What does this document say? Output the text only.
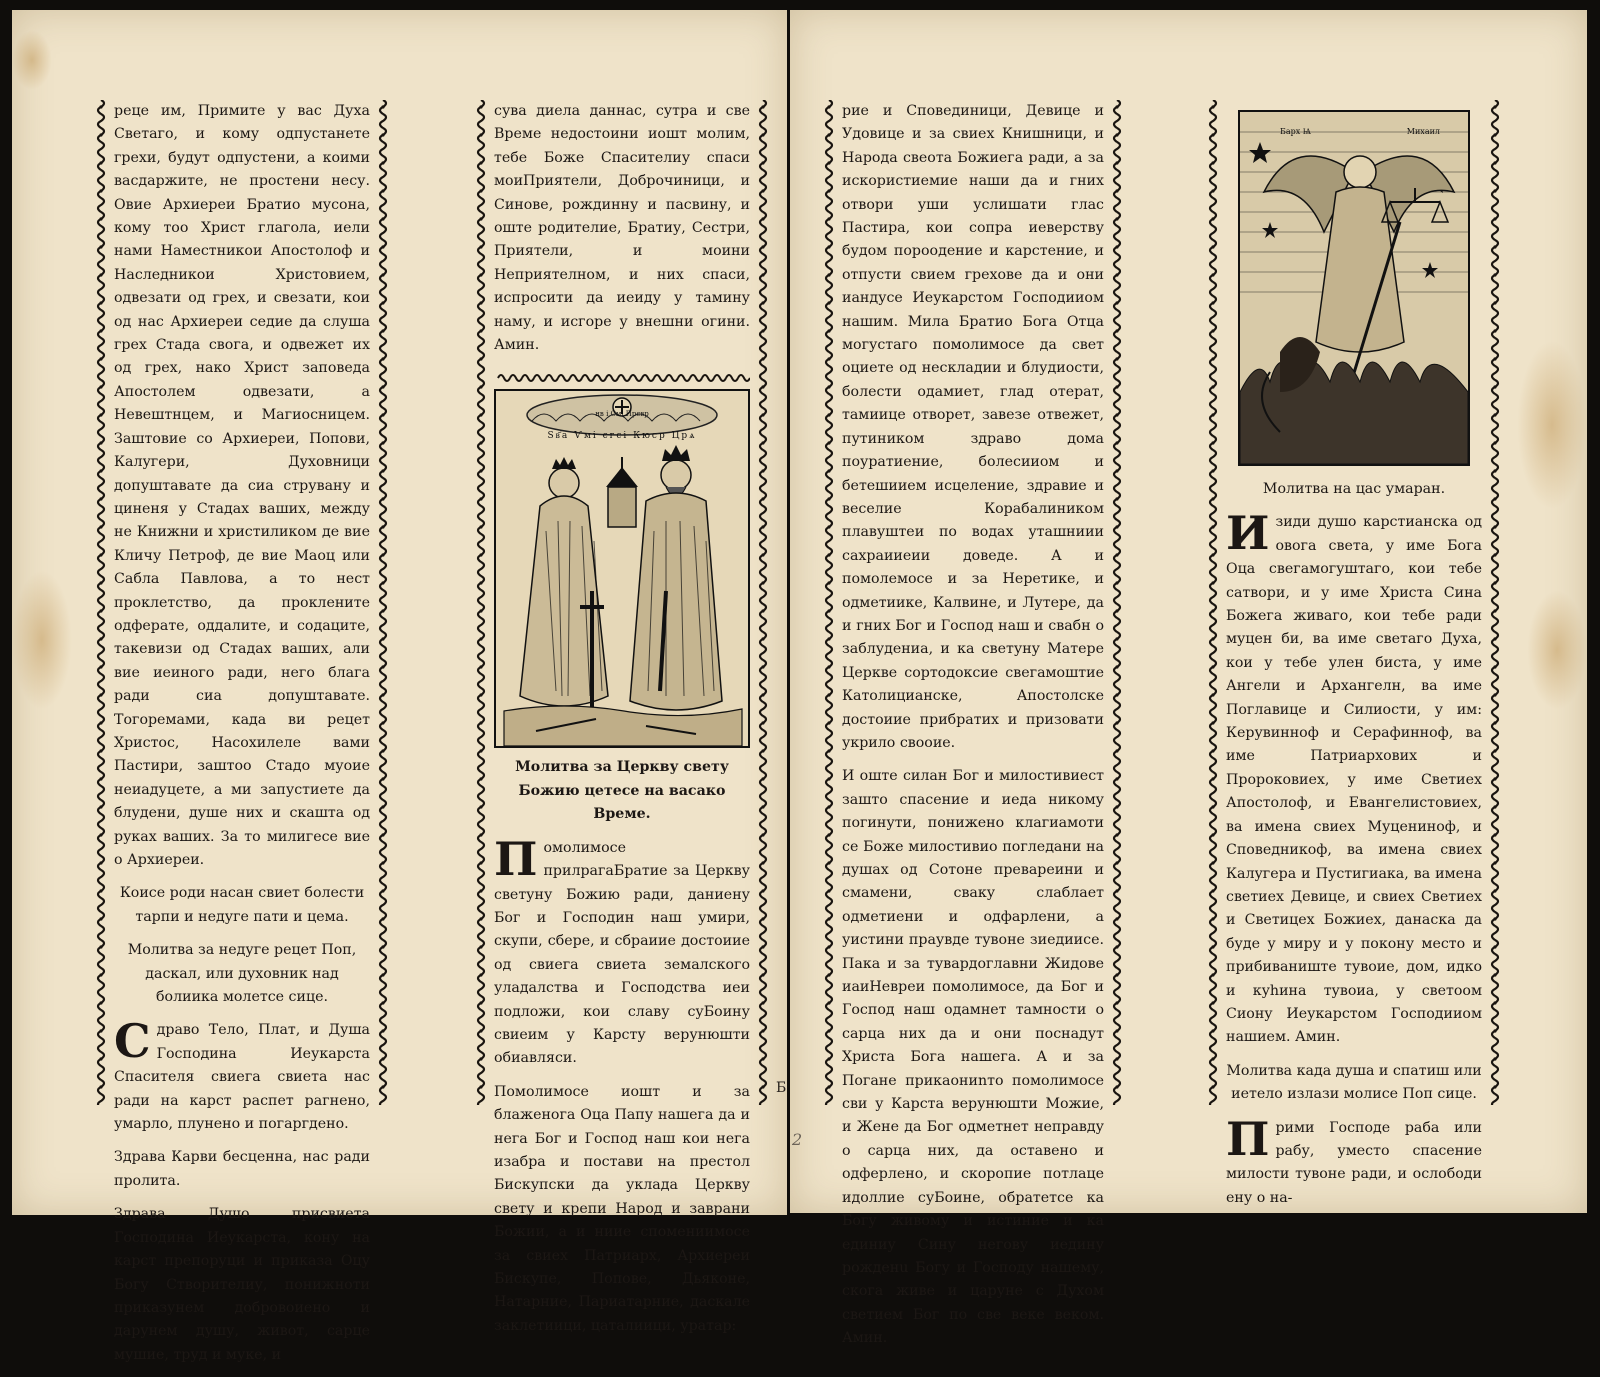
реце им, Примите у вас Духа Светаго, и кому одпустанете грехи, будут одпустени, а коими васдаржите, не простени несу. Овие Архиереи Братио мусона, кому тоо Христ глагола, иели нами Наместникои Апостолоф и Наследникои Христовием, одвезати од грех, и свезати, кои од нас Архиереи седие да слуша грех Стада свога, и одвежет их од грех, нако Христ заповеда Апостолем одвезати, а Невештнцем, и Магиосницем. Заштовие со Архиереи, Попови, Калугери, Духовници допуштавате да сиа струвану и циненя у Стадах ваших, между не Книжни и христиликом де вие Кличу Петроф, де вие Маоц или Сабла Павлова, а то нест проклетство, да проклените одферате, оддалите, и содаците, такевизи од Стадах ваших, али вие иеиного ради, него блага ради сиа допуштавате. Тогоремами, када ви рецет Христос, Насохилеле вами Пастири, заштоо Стадо муоие неиадуцете, а ми запустиете да блудени, душе них и скашта од руках ваших. За то милигесе вие о Архиереи.

Коисе роди насан свиет болести тарпи и недуге пати и цема.

Молитва за недуге рецет Поп, даскал, или духовник над болиика молетсе сице.

Сдраво Тело, Плат, и Душа Господина Иеукарста Спасителя свиега свиета нас ради на карст распет рагнено, умарло, плунено и погаргдено.

Здрава Карви бесценна, нас ради пролита.

Здрава Душо присвиета Господина Иеукарста, кону на карст препоруци и приказа Оцу Богу Створителиу, понижноти приказунем добровоиено и дарунем душу, живот, сарце мушие, труд и муке, и

сува диела даннас, сутра и све Време недостоини иошт молим, тебе Боже Спасителиу спаси моиПриятели, Доброчиници, и Синове, рождинну и пасвину, и оште родителие, Братиу, Сестри, Приятели, и моини Неприятелном, и них спаси, испросити да иеиду у тамину наму, и исгоре у внешни огини. Амин.

Sв҃а Ѵмі єгсі Кюср Црѧ
нв і Смі Прєвр

Молитва за Церкву свету Божию цетесе на васако Време.

Помолимосе прилрагаБратие за Церкву светуну Божию ради, даниену Бог и Господин наш умири, скупи, сбере, и сбраиие достоиие од свиега свиета земалского уладалства и Господства иеи подложи, кои славу суБоину свиеим у Карсту верунюшти обиавляси.

Помолимосе иошт и за блаженога Оца Папу нашега да и нега Бог и Господ наш кои нега изабра и постави на престол Бискупски да уклада Церкву свету и крепи Народ и заврани Божии, а и ниие спомениимосе за свиех Патриарх, Архиереи Бискупе, Попове, Дьяконе, Натарние, Париатарние, даскале заклетиици, цаталиици, уратар:

Б

рие и Сповединици, Девице и Удовице и за свиех Книшници, и Народа свеота Божиега ради, а за искористиемие наши да и гних отвори уши услишати глас Пастира, кои сопра иеверству будом пороодение и карстение, и отпусти свием грехове да и они иандусе Иеукарстом Господииом нашим. Мила Братиo Бога Отца могустаго помолимосе да свет оциете од нескладии и блудиости, болести одамиет, глад отерат, тамиице отворет, завезе отвежет, путиником здраво дома поуратиение, болесииом и бетешиием исцеление, здравие и веселие Корабалиником плавуштеи по водах уташниии сахраииеии доведе. А и помолемосе и за Неретике, и одметиике, Калвине, и Лутере, да и гних Бог и Господ наш и свабн о заблудениа, и ка светуну Матере Церкве сортодоксие свегамоштие Католицианске, Апостолске достоиие прибратих и призовати укрило свооие.

И оште силан Бог и милостивиест заштo спасение и иеда никому погинути, понижено клагиамоти се Боже милостивио погледани на душах од Сотоне превареини и смамени, свaку слаблает одметиени и одфарлени, а уистини праувде тувоне зиедиисе. Пака и за тувардоглавни Жидове иаиНевреи помолимосе, да Бог и Господ наш одамнет тамности о сарца них да и они поснадут Христа Бога нашега. А и за Погане прикаониnто помолимосе сви у Карста верунюшти Можие, и Жене да Бог одметнет неправду о сарца них, да оставено и одферлено, и скоропие потлаце идоллие суБоине, обратетсе ка Богу живому и истиние и ка единиу Сину негову иедину рожденu Богу и Господу нашему, скога живе и царуне с Духом светием Бог по све веке веком. Амин.

Барх Ѩ	Михаил

Молитва на цас умаран.

Изиди душо карстианска од овога света, у име Бога Оца свегамогуштаго, кои тебе сатвори, и у име Христа Сина Божега живаго, кои тебе ради муцен би, ва име светаго Духа, кои у тебе улен биста, у име Ангели и Архангелн, ва име Поглавице и Силиости, у им: Керувинноф и Серафинноф, ва име Патриархових и Пророковиех, у име Светиех Апостолоф, и Евангелистовиех, ва имена свиех Муцениноф, и Споведникоф, ва имена свиех Калугера и Пустигиака, ва имена светиех Девице, и свиех Светиех и Светицех Божиех, данаска да буде у миру и у покону место и прибиваниште тувоие, дом, идко и куhина тувоиа, у светоом Сиону Иеукарстом Господииом нашием. Амин.

Молитва када душа и спатиш или иетело излази молисе Поп сице.

Прими Господе раба или рабу, уместо спасение милости тувоне ради, и ослободи ену о на-

2
